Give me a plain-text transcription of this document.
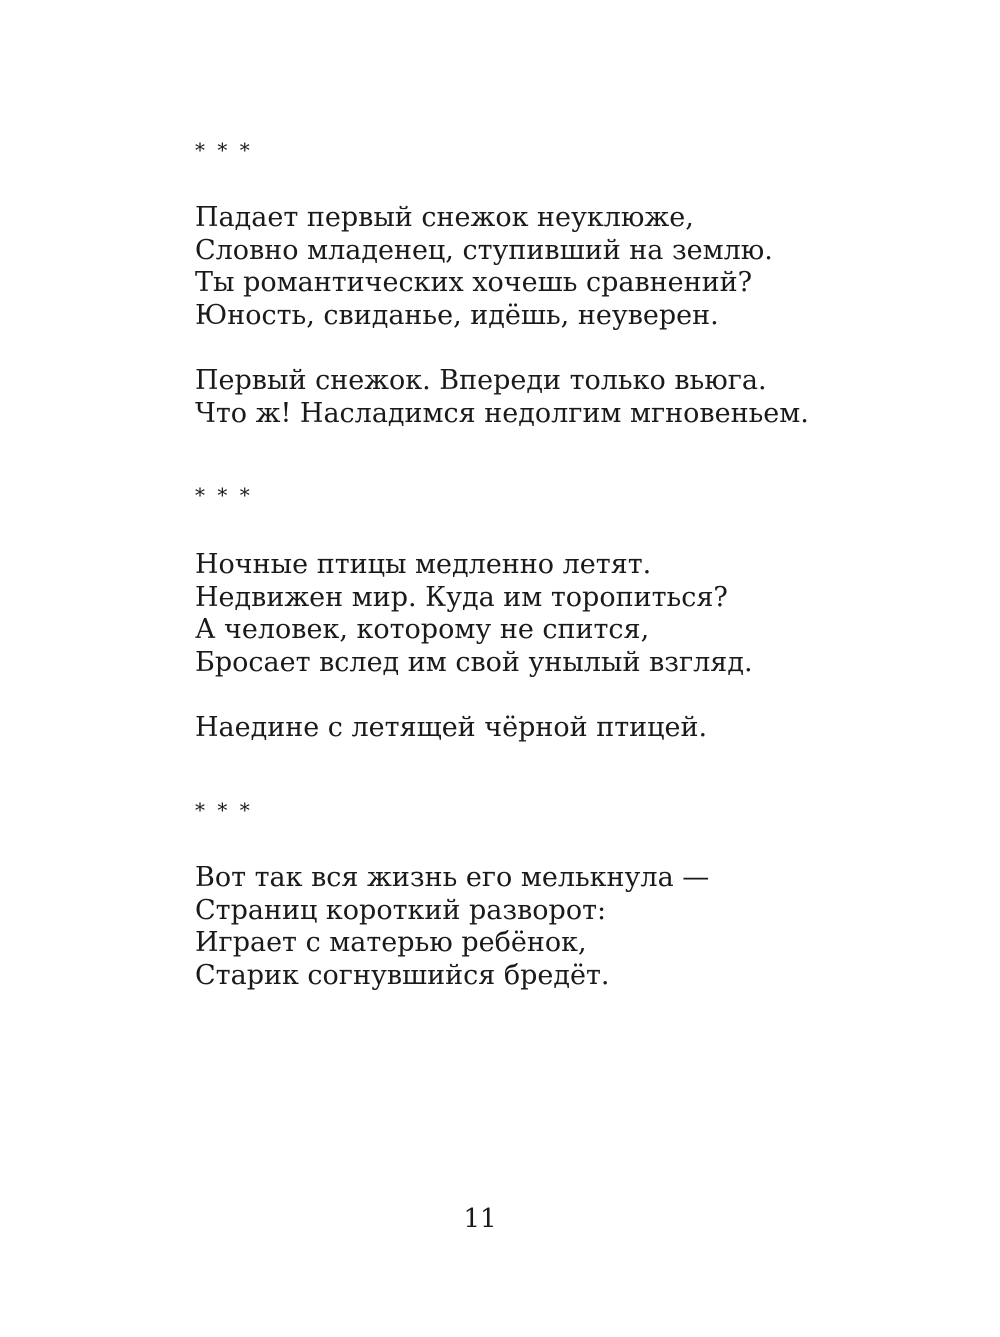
* * *

Падает первый снежок неуклюже,
Словно младенец, ступивший на землю.
Ты романтических хочешь сравнений?
Юность, свиданье, идёшь, неуверен.
Первый снежок. Впереди только вьюга.
Что ж! Насладимся недолгим мгновеньем.

* * *

Ночные птицы медленно летят.
Недвижен мир. Куда им торопиться?
А человек, которому не спится,
Бросает вслед им свой унылый взгляд.
Наедине с летящей чёрной птицей.

* * *

Вот так вся жизнь его мелькнула —
Страниц короткий разворот:
Играет с матерью ребёнок,
Старик согнувшийся бредёт.
11
